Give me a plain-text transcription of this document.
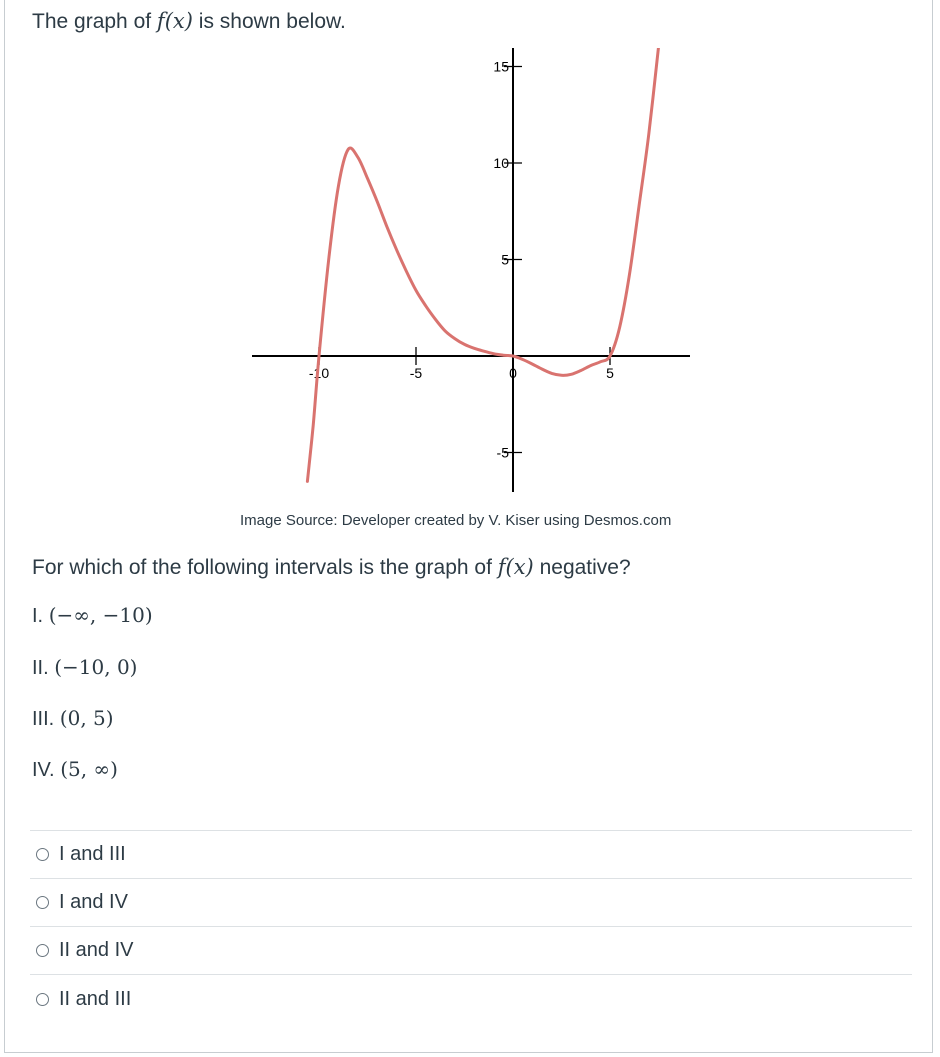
The graph of f(x) is shown below.
-10	-5	0	5
15
10
5
-5
Image Source: Developer created by V. Kiser using Desmos.com
For which of the following intervals is the graph of f(x) negative?
I. (−∞, −10)
II. (−10, 0)
III. (0, 5)
IV. (5, ∞)
I and III
I and IV
II and IV
II and III
